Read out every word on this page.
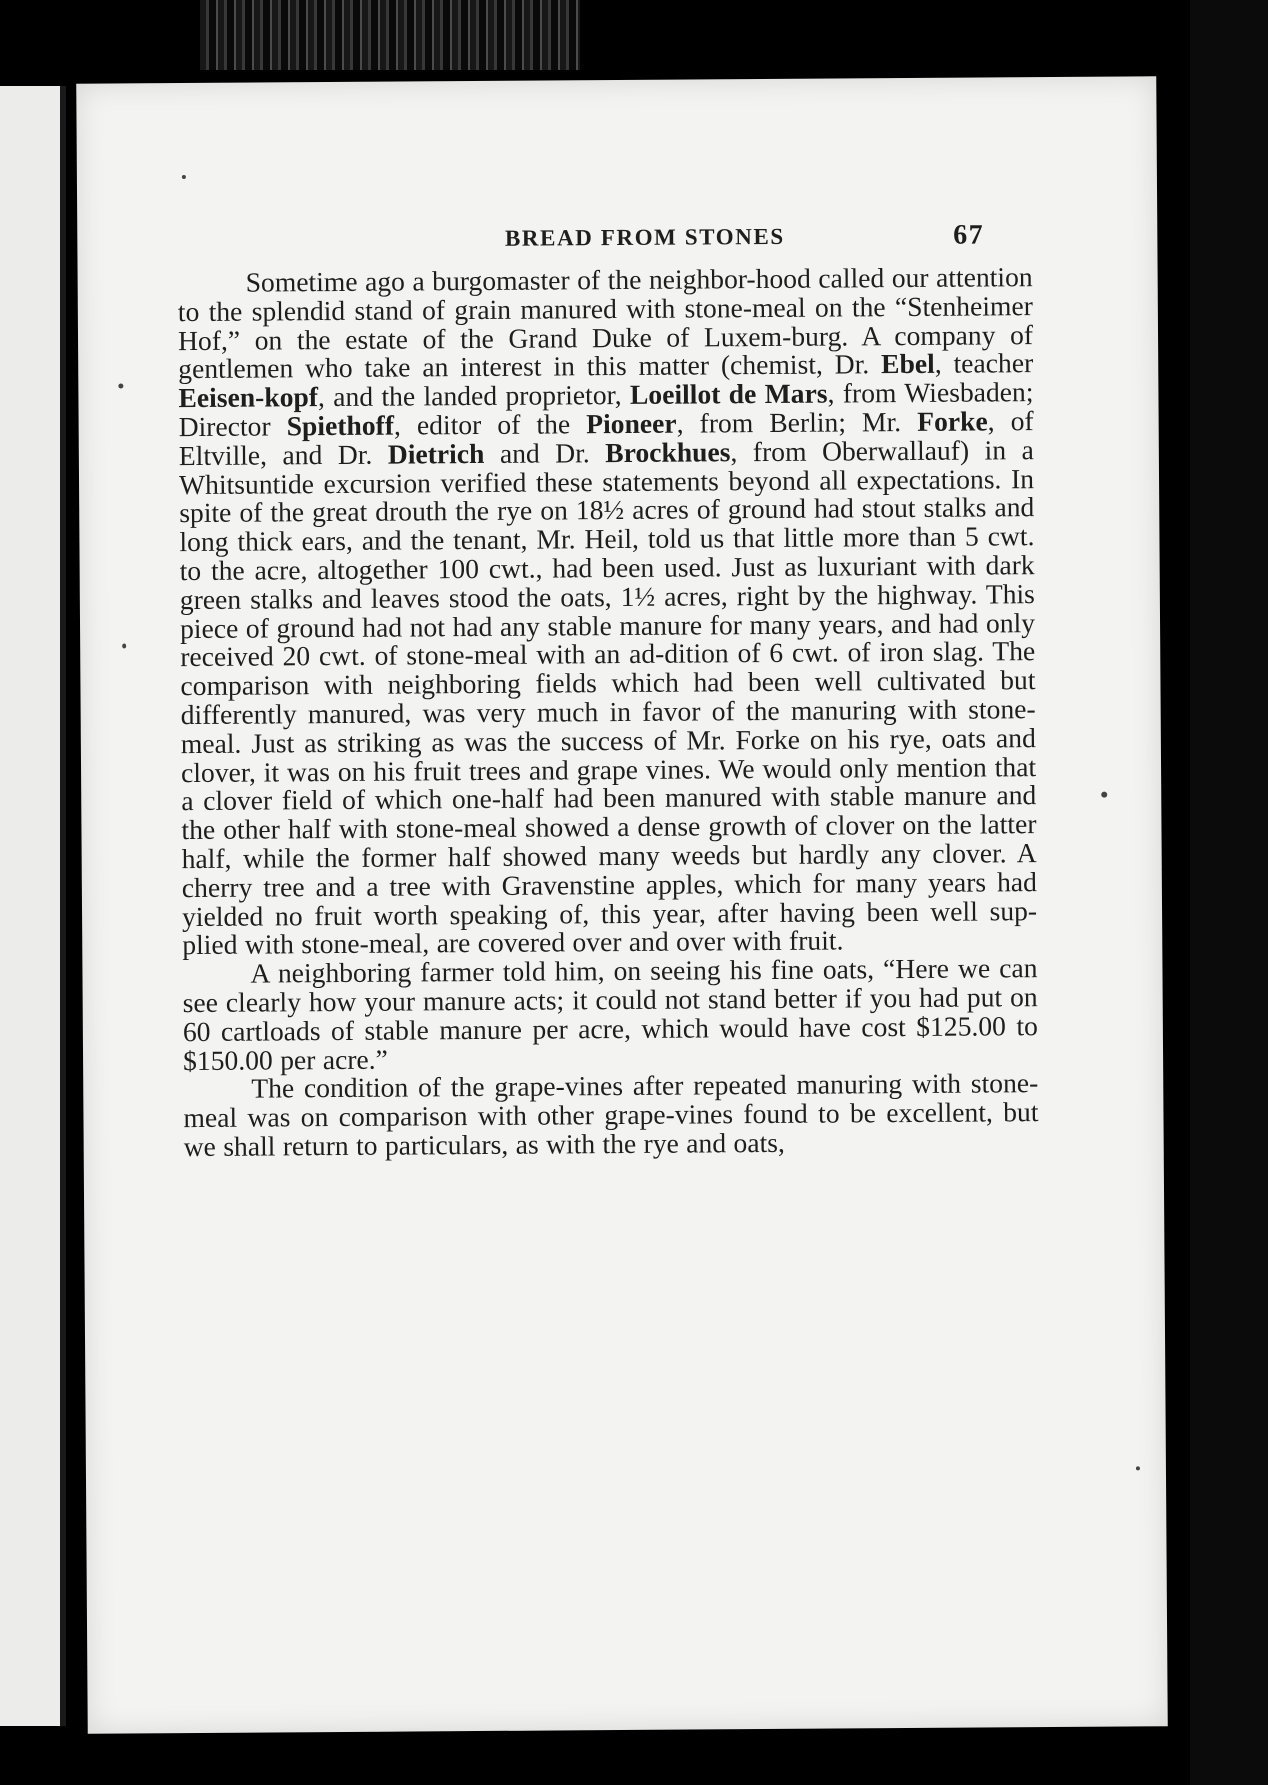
BREAD FROM STONES	67

Sometime ago a burgomaster of the neighbor-hood called our attention to the splendid stand of grain manured with stone-meal on the “Stenheimer Hof,” on the estate of the Grand Duke of Luxem-burg. A company of gentlemen who take an interest in this matter (chemist, Dr. Ebel, teacher Eeisen-kopf, and the landed proprietor, Loeillot de Mars, from Wiesbaden; Director Spiethoff, editor of the Pioneer, from Berlin; Mr. Forke, of Eltville, and Dr. Dietrich and Dr. Brockhues, from Oberwallauf) in a Whitsuntide excursion verified these statements beyond all expectations. In spite of the great drouth the rye on 18½ acres of ground had stout stalks and long thick ears, and the tenant, Mr. Heil, told us that little more than 5 cwt. to the acre, altogether 100 cwt., had been used. Just as luxuriant with dark green stalks and leaves stood the oats, 1½ acres, right by the highway. This piece of ground had not had any stable manure for many years, and had only received 20 cwt. of stone-meal with an ad-dition of 6 cwt. of iron slag. The comparison with neighboring fields which had been well cultivated but differently manured, was very much in favor of the manuring with stone-meal. Just as striking as was the success of Mr. Forke on his rye, oats and clover, it was on his fruit trees and grape vines. We would only mention that a clover field of which one-half had been manured with stable manure and the other half with stone-meal showed a dense growth of clover on the latter half, while the former half showed many weeds but hardly any clover. A cherry tree and a tree with Gravenstine apples, which for many years had yielded no fruit worth speaking of, this year, after having been well sup-plied with stone-meal, are covered over and over with fruit.

A neighboring farmer told him, on seeing his fine oats, “Here we can see clearly how your manure acts; it could not stand better if you had put on 60 cartloads of stable manure per acre, which would have cost $125.00 to $150.00 per acre.”

The condition of the grape-vines after repeated manuring with stone-meal was on comparison with other grape-vines found to be excellent, but we shall return to particulars, as with the rye and oats,
